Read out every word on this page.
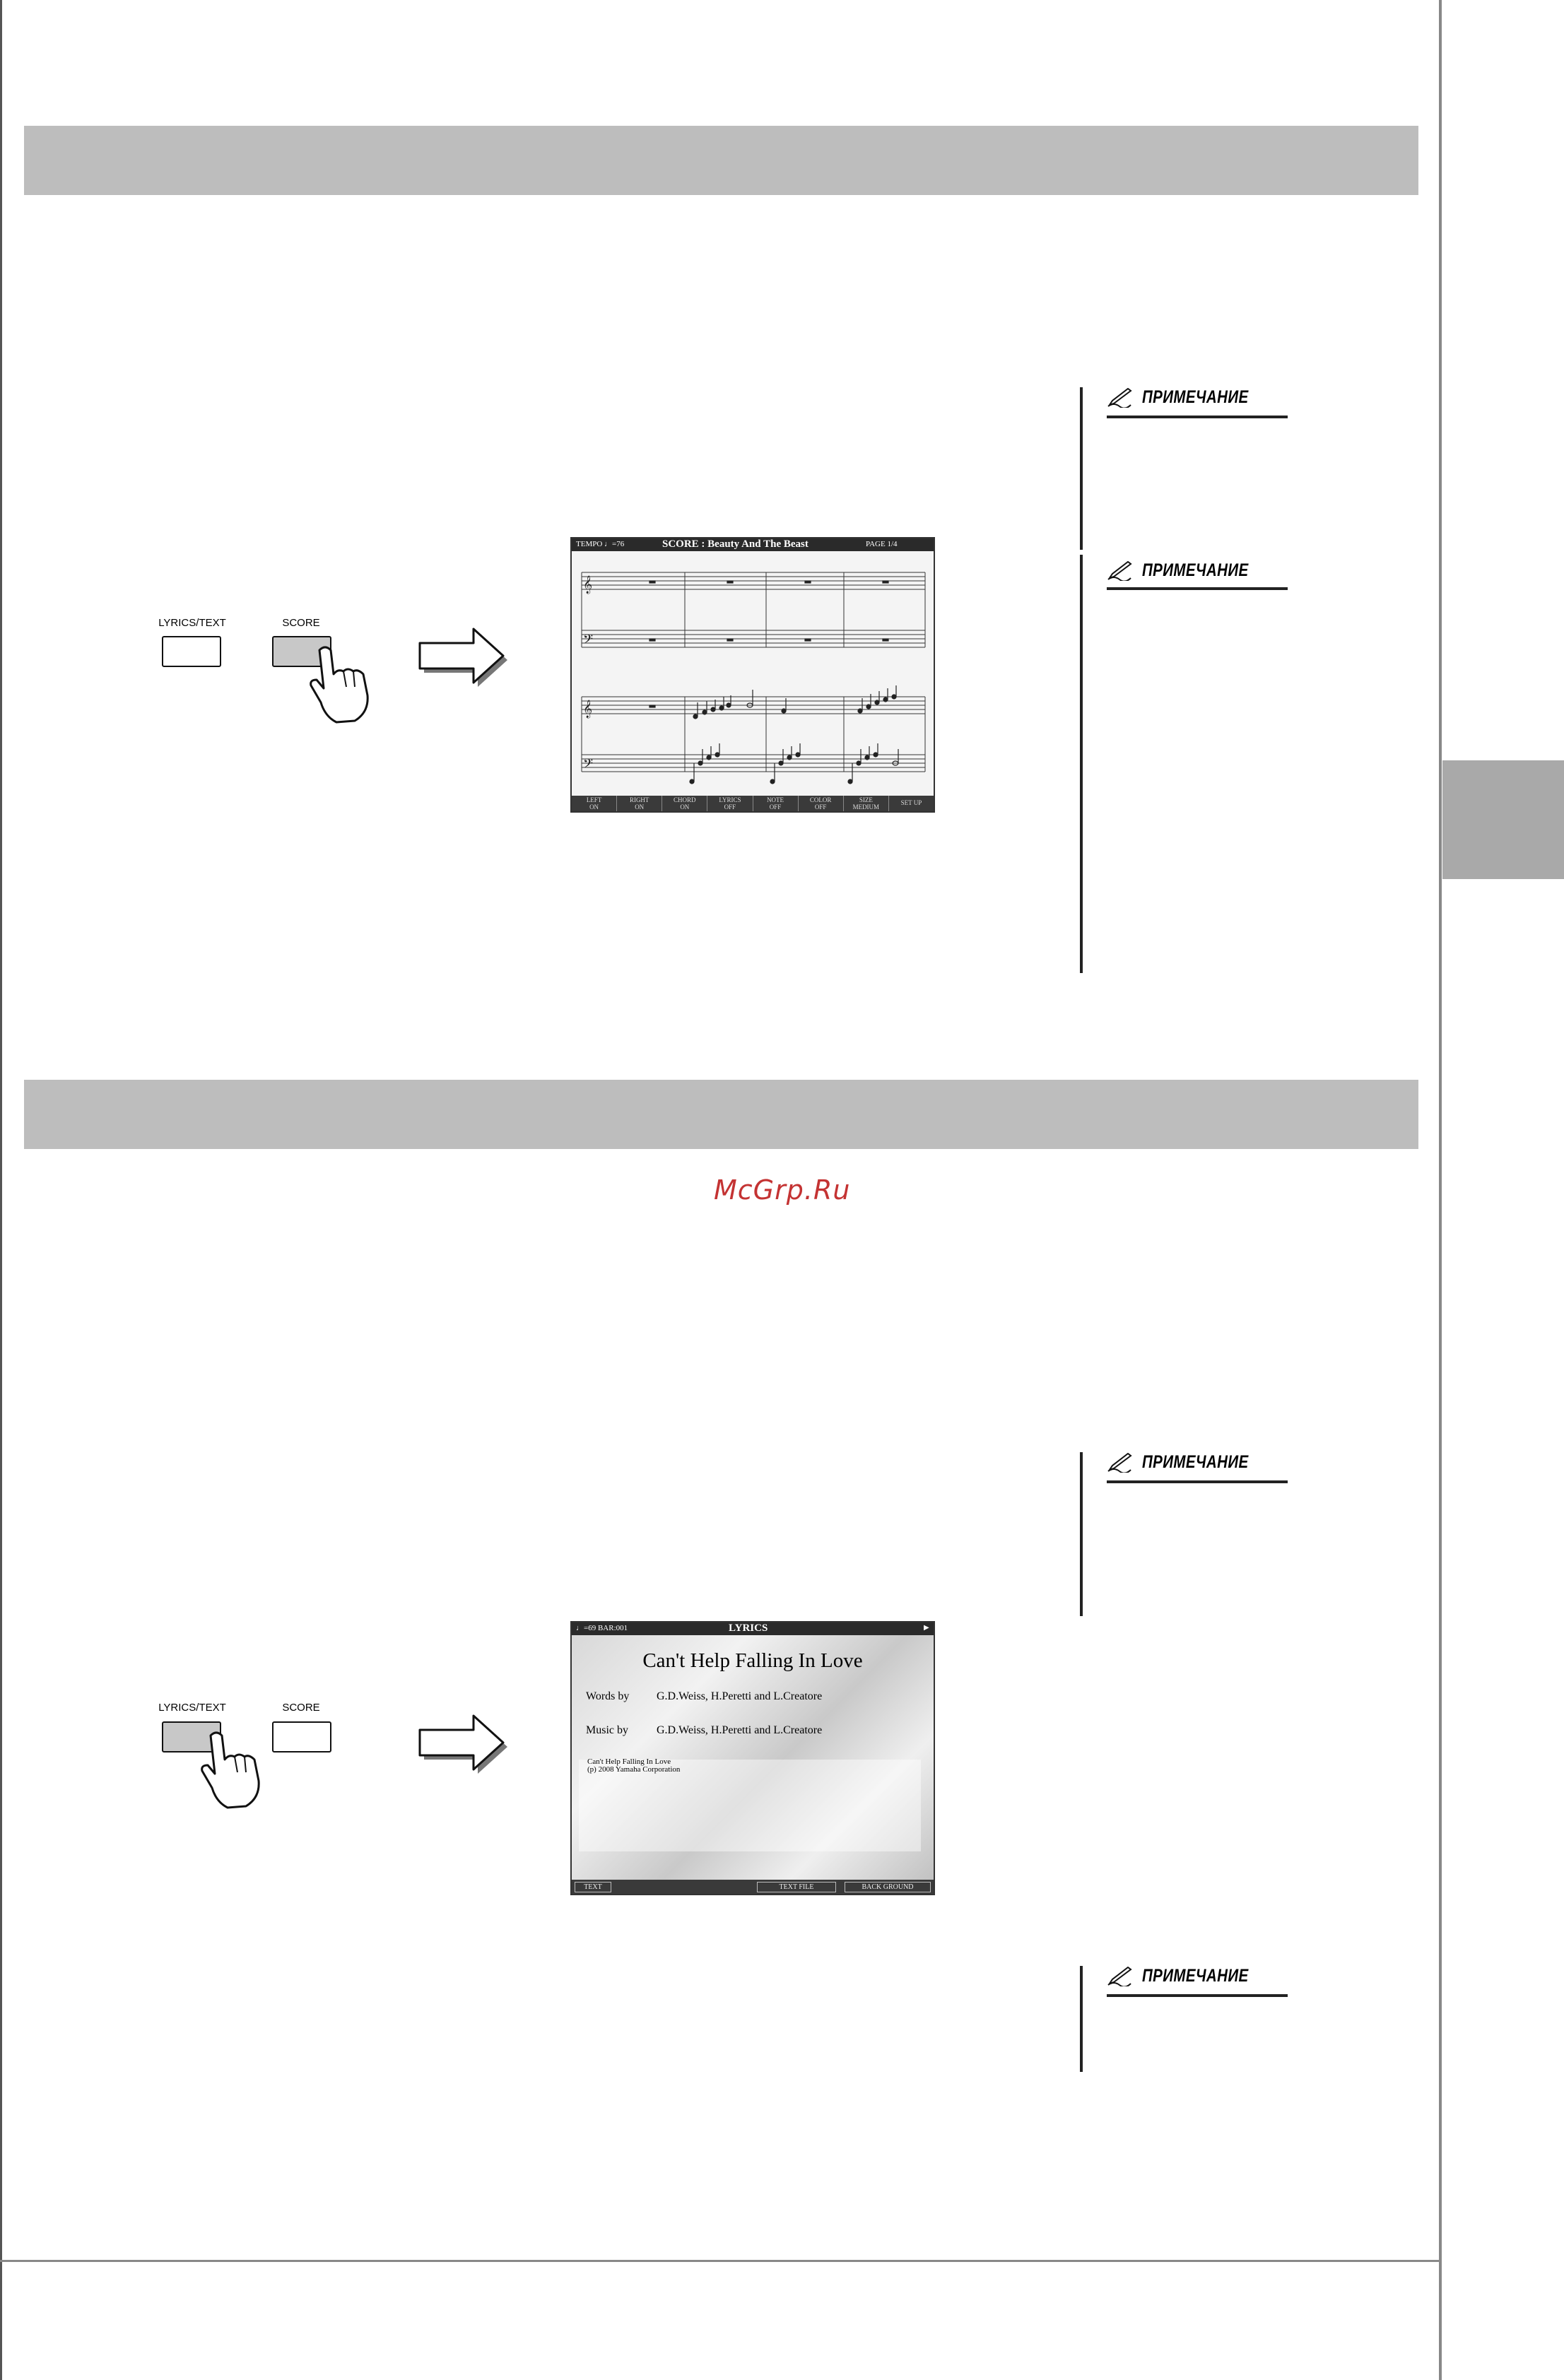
ПРИМЕЧАНИЕ
ПРИМЕЧАНИЕ
ПРИМЕЧАНИЕ
ПРИМЕЧАНИЕ
McGrp.Ru
LYRICS/TEXT	SCORE
TEMPO ♩=76	SCORE : Beauty And The Beast	PAGE 1/4
𝄞
𝄢
𝄞
𝄢
LEFT
ON
RIGHT
ON
CHORD
ON
LYRICS
OFF
NOTE
OFF
COLOR
OFF
SIZE
MEDIUM
SET UP
LYRICS/TEXT	SCORE
♩=69 BAR:001	LYRICS	▶
Can't Help Falling In Love
Words by G.D.Weiss, H.Peretti and L.Creatore
Music by	G.D.Weiss, H.Peretti and L.Creatore
Can't Help Falling In Love
(p) 2008 Yamaha Corporation
TEXT	TEXT FILE	BACK GROUND
